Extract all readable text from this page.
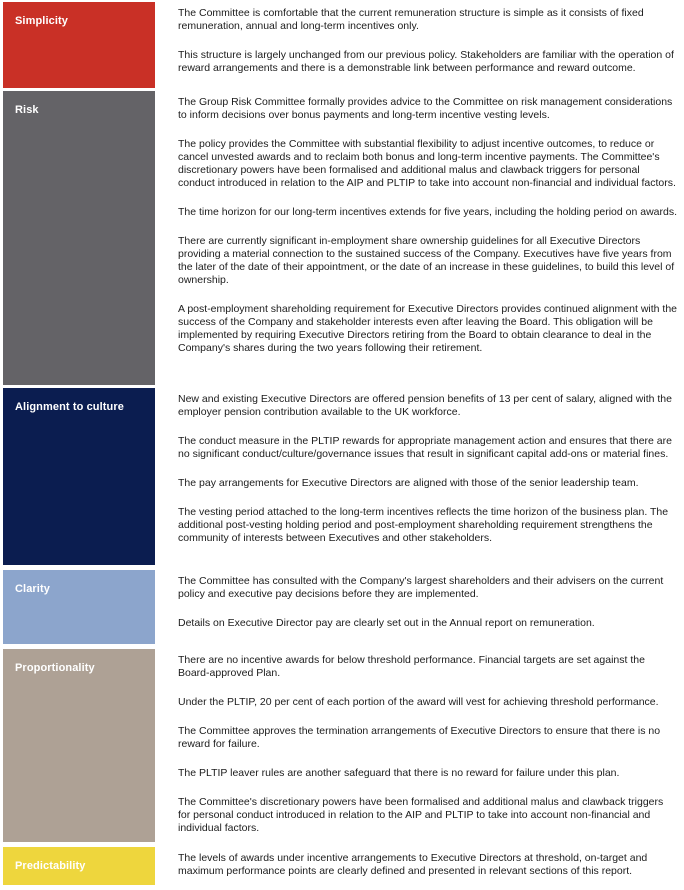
Simplicity

The Committee is comfortable that the current remuneration structure is simple as it consists of fixed remuneration, annual and long-term incentives only.

This structure is largely unchanged from our previous policy. Stakeholders are familiar with the operation of reward arrangements and there is a demonstrable link between performance and reward outcome.

Risk

The Group Risk Committee formally provides advice to the Committee on risk management considerations to inform decisions over bonus payments and long-term incentive vesting levels.

The policy provides the Committee with substantial flexibility to adjust incentive outcomes, to reduce or cancel unvested awards and to reclaim both bonus and long-term incentive payments. The Committee's discretionary powers have been formalised and additional malus and clawback triggers for personal conduct introduced in relation to the AIP and PLTIP to take into account non-financial and individual factors.

The time horizon for our long-term incentives extends for five years, including the holding period on awards.

There are currently significant in-employment share ownership guidelines for all Executive Directors providing a material connection to the sustained success of the Company. Executives have five years from the later of the date of their appointment, or the date of an increase in these guidelines, to build this level of ownership.

A post-employment shareholding requirement for Executive Directors provides continued alignment with the success of the Company and stakeholder interests even after leaving the Board. This obligation will be implemented by requiring Executive Directors retiring from the Board to obtain clearance to deal in the Company's shares during the two years following their retirement.

Alignment to culture

New and existing Executive Directors are offered pension benefits of 13 per cent of salary, aligned with the employer pension contribution available to the UK workforce.

The conduct measure in the PLTIP rewards for appropriate management action and ensures that there are no significant conduct/culture/governance issues that result in significant capital add-ons or material fines.

The pay arrangements for Executive Directors are aligned with those of the senior leadership team.

The vesting period attached to the long-term incentives reflects the time horizon of the business plan. The additional post-vesting holding period and post-employment shareholding requirement strengthens the community of interests between Executives and other stakeholders.

Clarity

The Committee has consulted with the Company's largest shareholders and their advisers on the current policy and executive pay decisions before they are implemented.

Details on Executive Director pay are clearly set out in the Annual report on remuneration.

Proportionality

There are no incentive awards for below threshold performance. Financial targets are set against the Board-approved Plan.

Under the PLTIP, 20 per cent of each portion of the award will vest for achieving threshold performance.

The Committee approves the termination arrangements of Executive Directors to ensure that there is no reward for failure.

The PLTIP leaver rules are another safeguard that there is no reward for failure under this plan.

The Committee's discretionary powers have been formalised and additional malus and clawback triggers for personal conduct introduced in relation to the AIP and PLTIP to take into account non-financial and individual factors.

Predictability

The levels of awards under incentive arrangements to Executive Directors at threshold, on-target and maximum performance points are clearly defined and presented in relevant sections of this report.
